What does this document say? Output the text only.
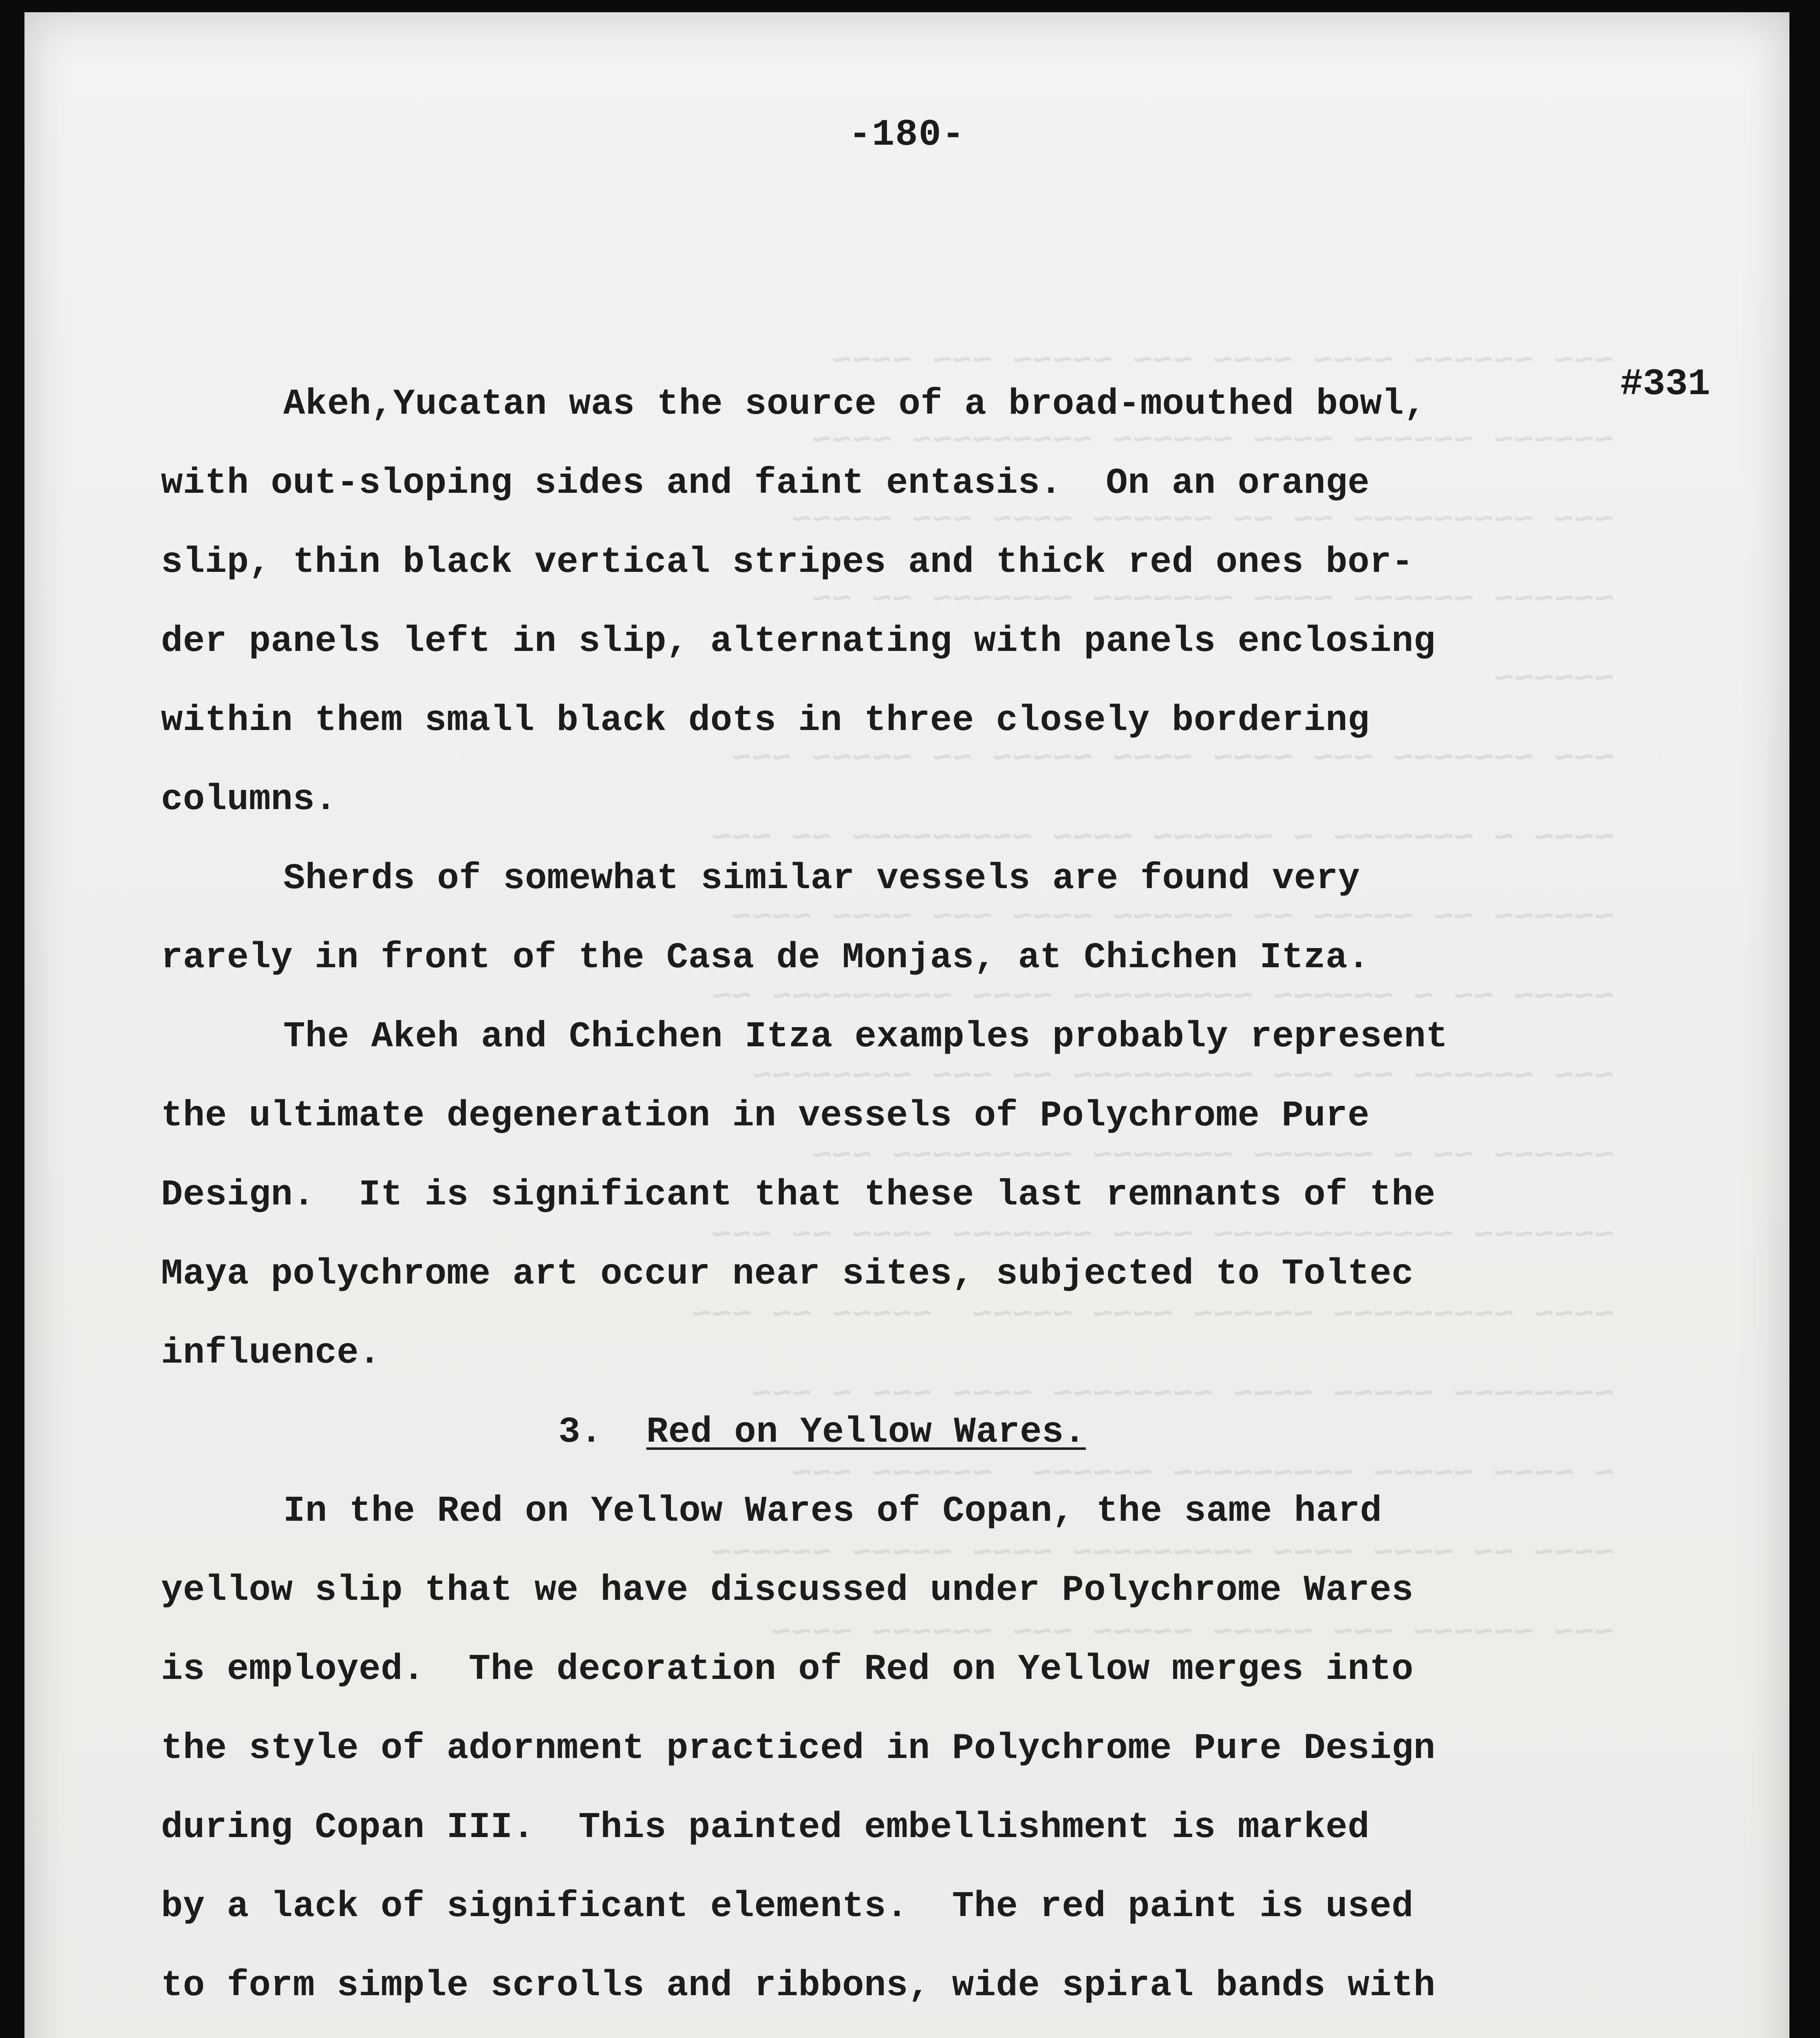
~~~ ~~~~~~ ~~~~ ~~~~ ~~~ ~~~~~ ~~~ ~~~~
~~~~~~ ~~~~~~ ~~~~ ~~~~~~ ~~~~~~~~~ ~~~~
~~~ ~~~~~~~~~ ~~ ~~ ~~~~~~ ~~~~ ~~~ ~~~~~
~~~~~~ ~~~~~~ ~~~~ ~~~~~~~ ~~~~~~~ ~~ ~~
~~~~~~
~~~ ~~~~~~~ ~~~ ~~~~ ~~~~ ~~~~~ ~~ ~~~~~ ~~~
~~~~ ~ ~~~~~~~ ~ ~~~~~~ ~~~~ ~~~~~~~~~ ~~ ~~~
~~~~~~ ~~ ~~~~~ ~~ ~~~~~~ ~~~~ ~~~ ~~~~ ~~~~
~~~~~ ~~ ~ ~~~~~~ ~~~~~~~~~ ~~~~ ~~~~~~~~~ ~~
~~~ ~~~~~~ ~~ ~~~ ~~~~~~~~~ ~~ ~~~ ~~~~~~~~
~~~~~~ ~~ ~ ~~~~~~ ~~~~~~~ ~~~~~~~~~ ~~~
~~~~~~~ ~~~~~~~~~~~~ ~~~~ ~~~~~~~ ~~~~ ~~ ~~~
~~~~ ~~~~~~~~~ ~~~~~~ ~~~~ ~~~~~  ~~~~~ ~~ ~~~
~~~~~~~~ ~~~~~ ~~~~ ~~~~~~~~ ~~~~ ~~~ ~ ~~~
~ ~~~~ ~~~~~ ~~~~~~~~~ ~~~~~~  ~~~~~~ ~~~
~~~~ ~~ ~~~~ ~~~~ ~~~~~~~~~ ~~~~ ~~~~~ ~~~~~~
~~~ ~~~~~~ ~~~ ~~~~~ ~~~~~ ~~~ ~~~~~~ ~~~~
-180-
#331
Akeh,Yucatan was the source of a broad-mouthed bowl,
with out-sloping sides and faint entasis.  On an orange
slip, thin black vertical stripes and thick red ones bor-
der panels left in slip, alternating with panels enclosing
within them small black dots in three closely bordering
columns.
Sherds of somewhat similar vessels are found very
rarely in front of the Casa de Monjas, at Chichen Itza.
The Akeh and Chichen Itza examples probably represent
the ultimate degeneration in vessels of Polychrome Pure
Design.  It is significant that these last remnants of the
Maya polychrome art occur near sites, subjected to Toltec
influence.
3. Red on Yellow Wares.
In the Red on Yellow Wares of Copan, the same hard
yellow slip that we have discussed under Polychrome Wares
is employed.  The decoration of Red on Yellow merges into
the style of adornment practiced in Polychrome Pure Design
during Copan III.  This painted embellishment is marked
by a lack of significant elements.  The red paint is used
to form simple scrolls and ribbons, wide spiral bands with
